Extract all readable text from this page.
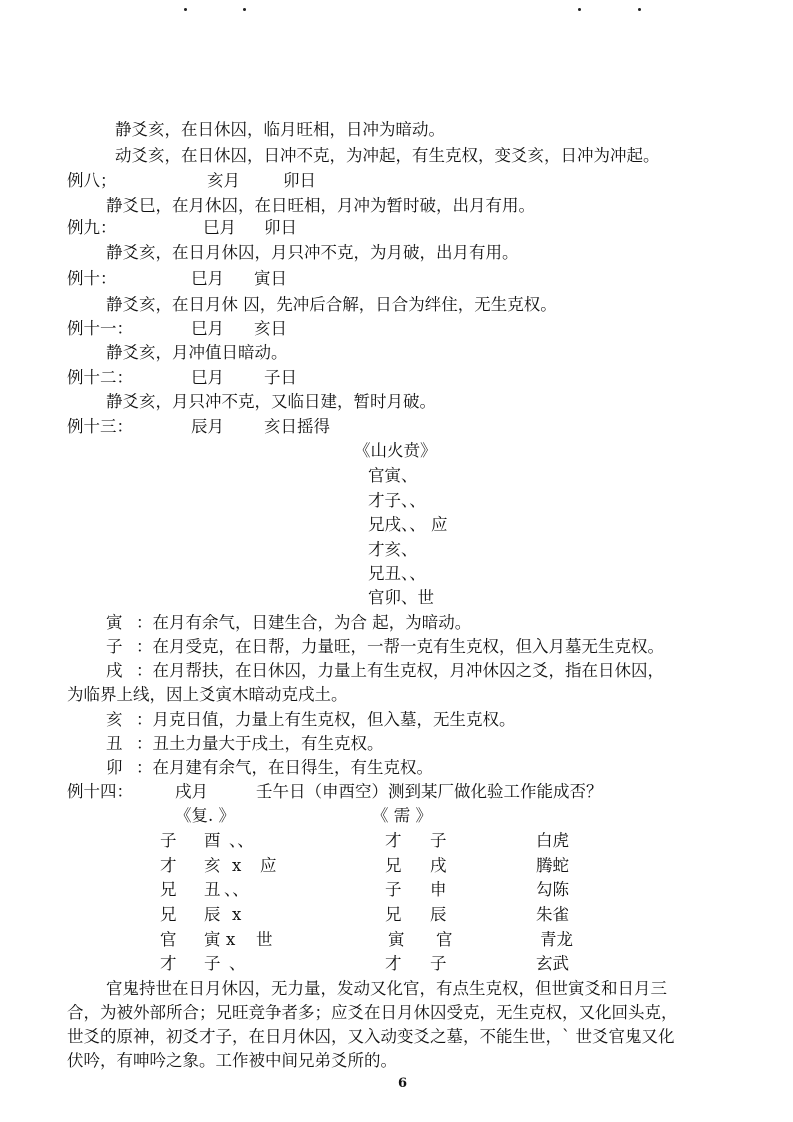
静爻亥，在日休囚，临月旺相，日冲为暗动。
动爻亥，在日休囚，日冲不克，为冲起，有生克权，变爻亥，日冲为冲起。
例八；	亥月	卯日
静爻巳，在月休囚，在日旺相，月冲为暂时破，出月有用。
例九：	巳月 卯日
静爻亥，在日月休囚，月只冲不克，为月破，出月有用。
例十：	巳月 寅日
静爻亥，在日月休 囚，先冲后合解，日合为绊住，无生克权。
例十一：	巳月 亥日
静爻亥，月冲值日暗动。
例十二：	巳月 子日
静爻亥，月只冲不克，又临日建，暂时月破。
例十三：	辰月 亥日摇得
《山火贲》
官寅、
才子、、
兄戌、、 应
才亥、
兄丑、、
官卯、世
寅 ：在月有余气，日建生合，为合 起，为暗动。
子 ：在月受克，在日帮，力量旺，一帮一克有生克权，但入月墓无生克权。
戌 ：在月帮扶，在日休囚，力量上有生克权，月冲休囚之爻，指在日休囚，
为临界上线，因上爻寅木暗动克戌土。
亥 ：月克日值，力量上有生克权，但入墓，无生克权。
丑 ：丑土力量大于戌土，有生克权。
卯 ：在月建有余气，在日得生，有生克权。
例十四：	戌月	壬午日（申酉空）测到某厂做化验工作能成否？
《复. 》	《 需 》
子 酉 、、	才 子	白虎
才 亥 x 应	兄 戌	腾蛇
兄 丑 、、	子 申	勾陈
兄 辰 x	兄 辰	朱雀
官 寅 x 世	寅 官	青龙
才 子 、	才 子	玄武
官鬼持世在日月休囚，无力量，发动又化官，有点生克权，但世寅爻和日月三
合，为被外部所合；兄旺竞争者多；应爻在日月休囚受克，无生克权，又化回头克，
世爻的原神，初爻才子，在日月休囚，又入动变爻之墓，不能生世，` 世爻官鬼又化
伏吟，有呻吟之象。工作被中间兄弟爻所的。
6
